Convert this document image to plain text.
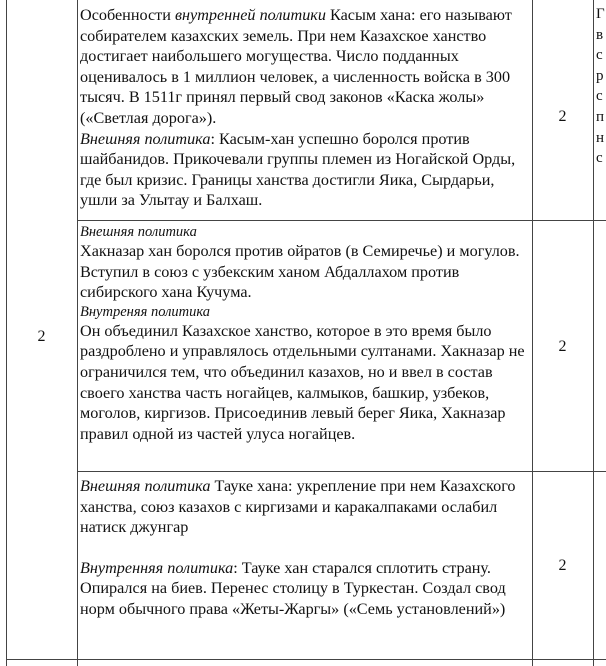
2

Особенности внутренней политики Касым хана: его называют собирателем казахских земель. При нем Казахское ханство достигает наибольшего могущества. Число подданных оценивалось в 1 миллион человек, а численность войска в 300 тысяч. В 1511г принял первый свод законов «Каска жолы» («Светлая дорога»).

Внешняя политика: Касым-хан успешно боролся против шайбанидов. Прикочевали группы племен из Ногайской Орды, где был кризис. Границы ханства достигли Яика, Сырдарьи, ушли за Улытау и Балхаш.

2

Внешняя политика

Хакназар хан боролся против ойратов (в Семиречье) и могулов. Вступил в союз с узбекским ханом Абдаллахом против сибирского хана Кучума.

Внутреняя политика

Он объединил Казахское ханство, которое в это время было раздроблено и управлялось отдельными султанами. Хакназар не ограничился тем, что объединил казахов, но и ввел в состав своего ханства часть ногайцев, калмыков, башкир, узбеков, моголов, киргизов. Присоединив левый берег Яика, Хакназар правил одной из частей улуса ногайцев.

2

Внешняя политика Тауке хана: укрепление при нем Казахского ханства, союз казахов с киргизами и каракалпаками ослабил натиск джунгар

Внутренняя политика: Тауке хан старался сплотить страну. Опирался на биев. Перенес столицу в Туркестан. Создал свод норм обычного права «Жеты-Жаргы» («Семь установлений»)

2
Г
в
с
р
с
п
н
с
